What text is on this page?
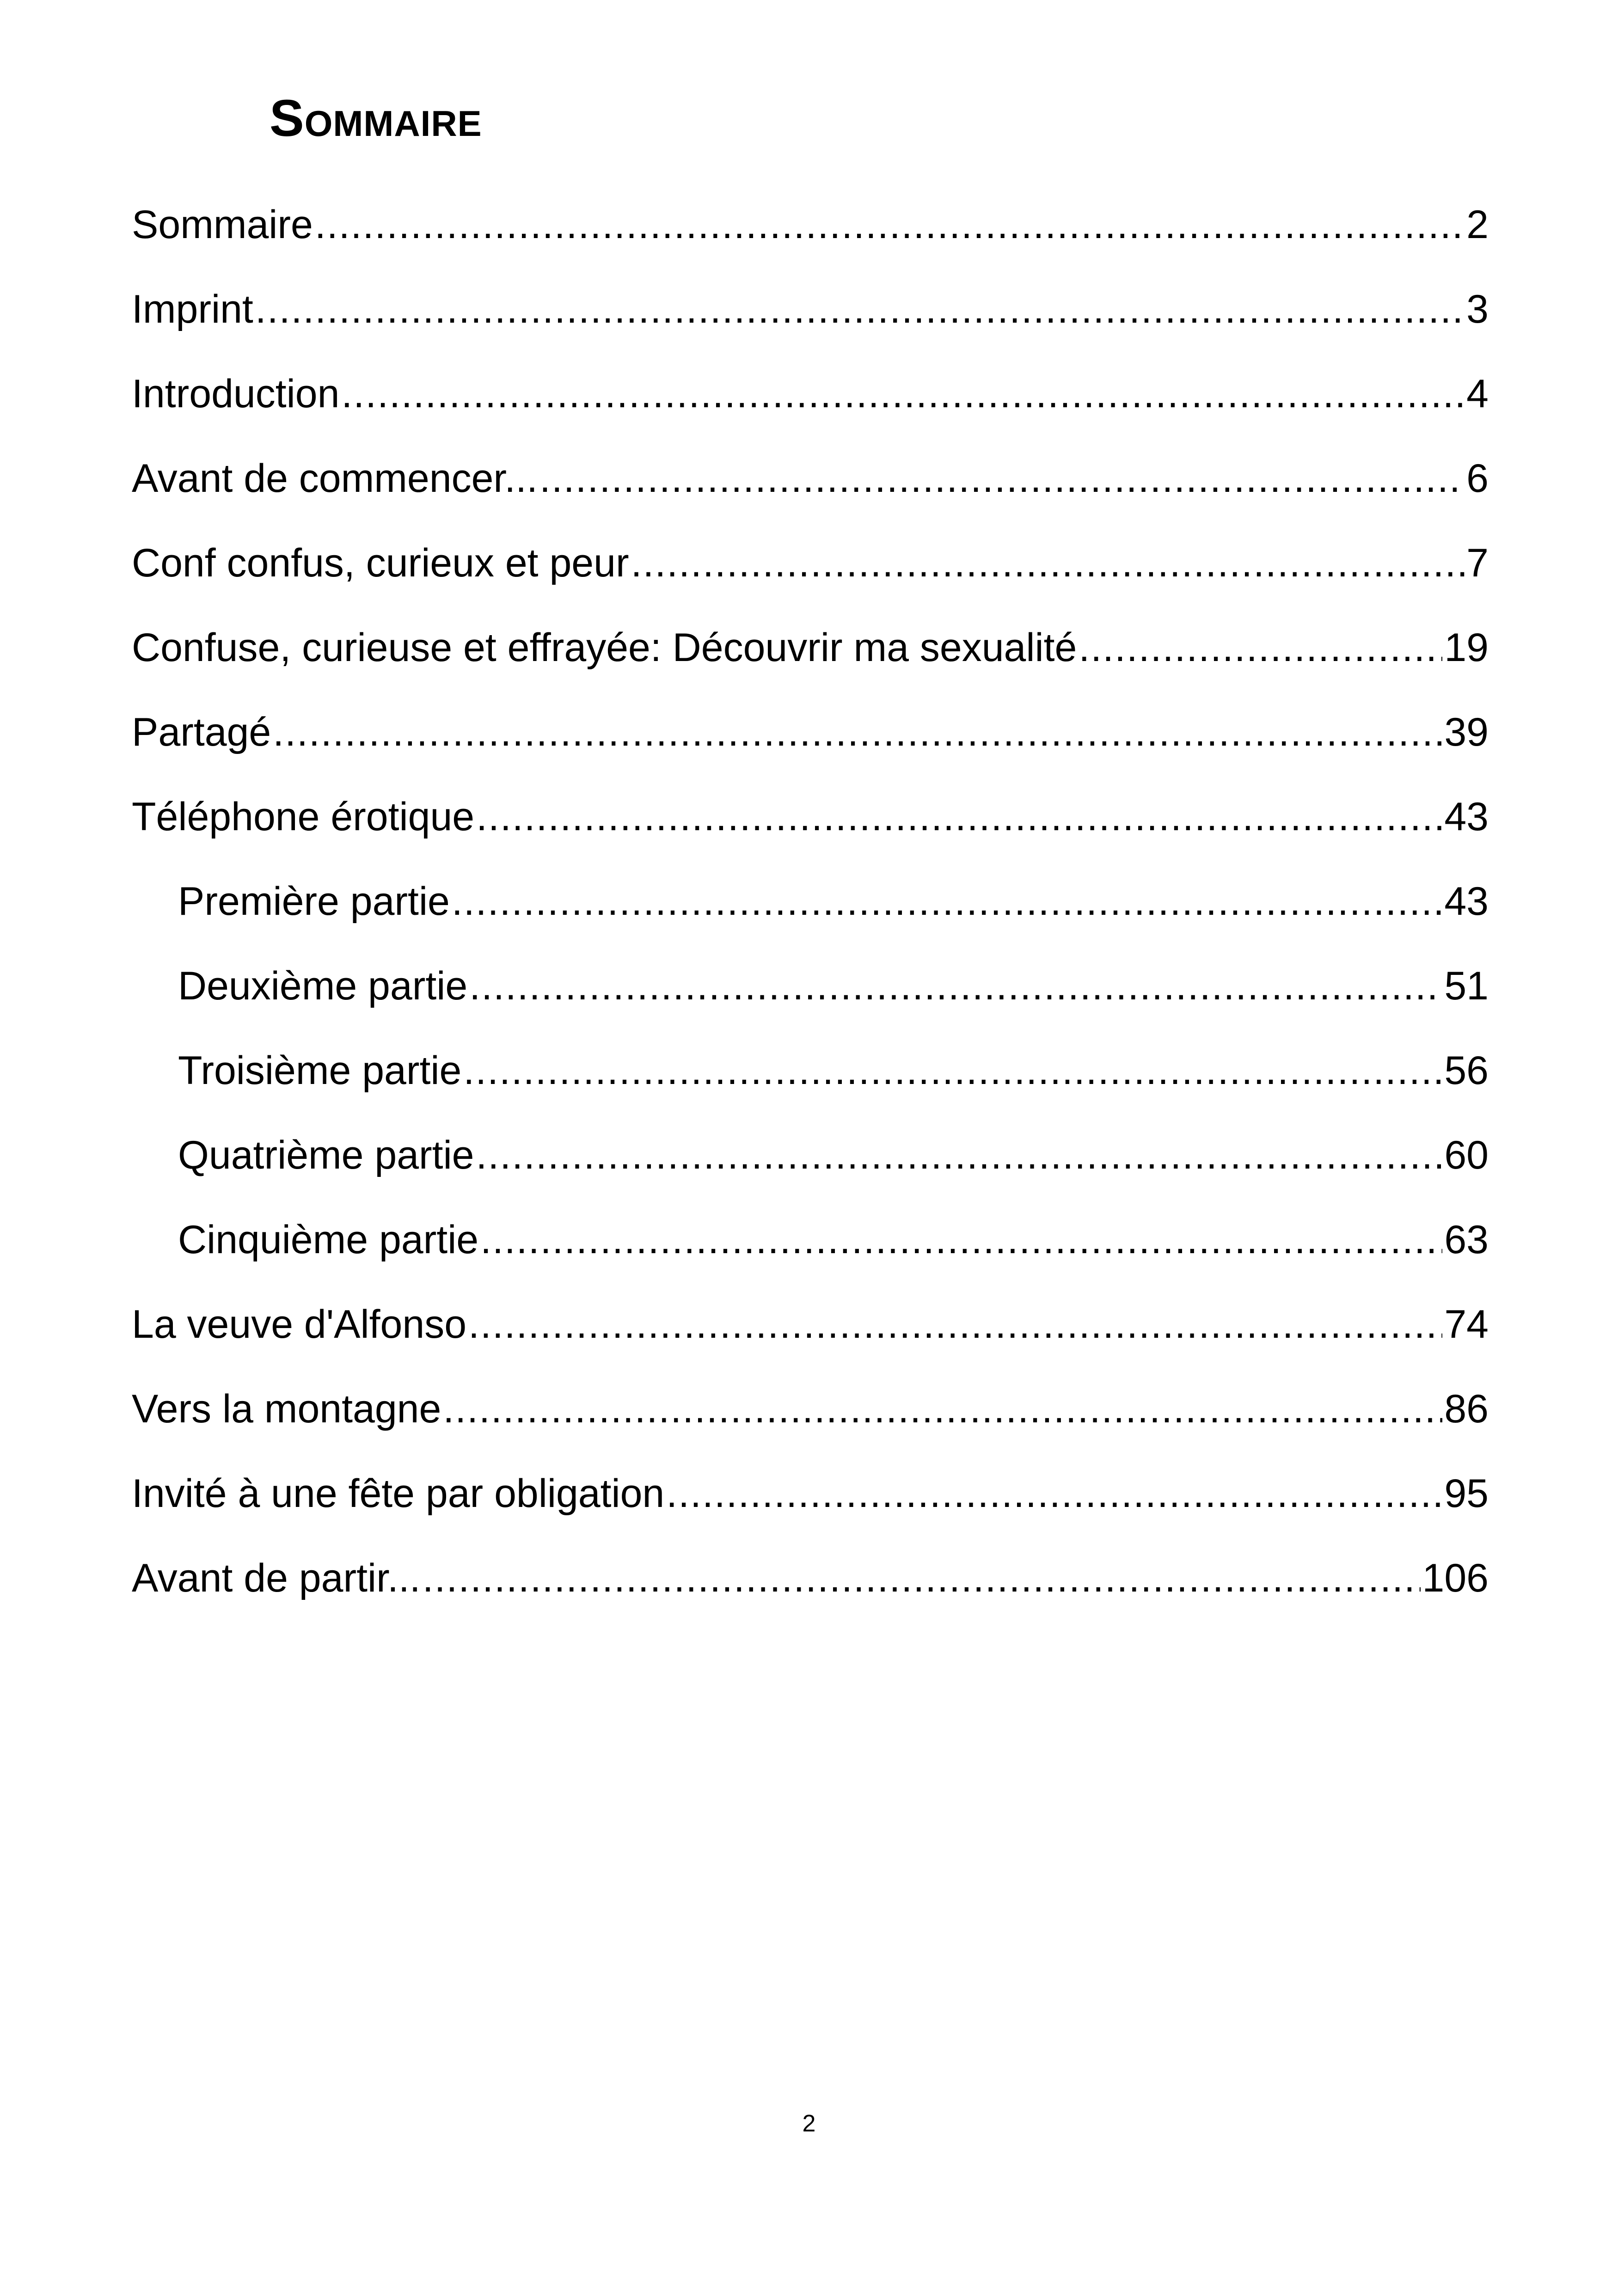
Sommaire
Sommaire .....	2
Imprint .....	3
Introduction .....	4
Avant de commencer... .....	6
Conf confus, curieux et peur .....	7
Confuse, curieuse et effrayée: Découvrir ma sexualité .....	19
Partagé .....	39
Téléphone érotique .....	43
Première partie .....	43
Deuxième partie .....	51
Troisième partie .....	56
Quatrième partie .....	60
Cinquième partie .....	63
La veuve d'Alfonso .....	74
Vers la montagne .....	86
Invité à une fête par obligation .....	95
Avant de partir... .....	106
2
